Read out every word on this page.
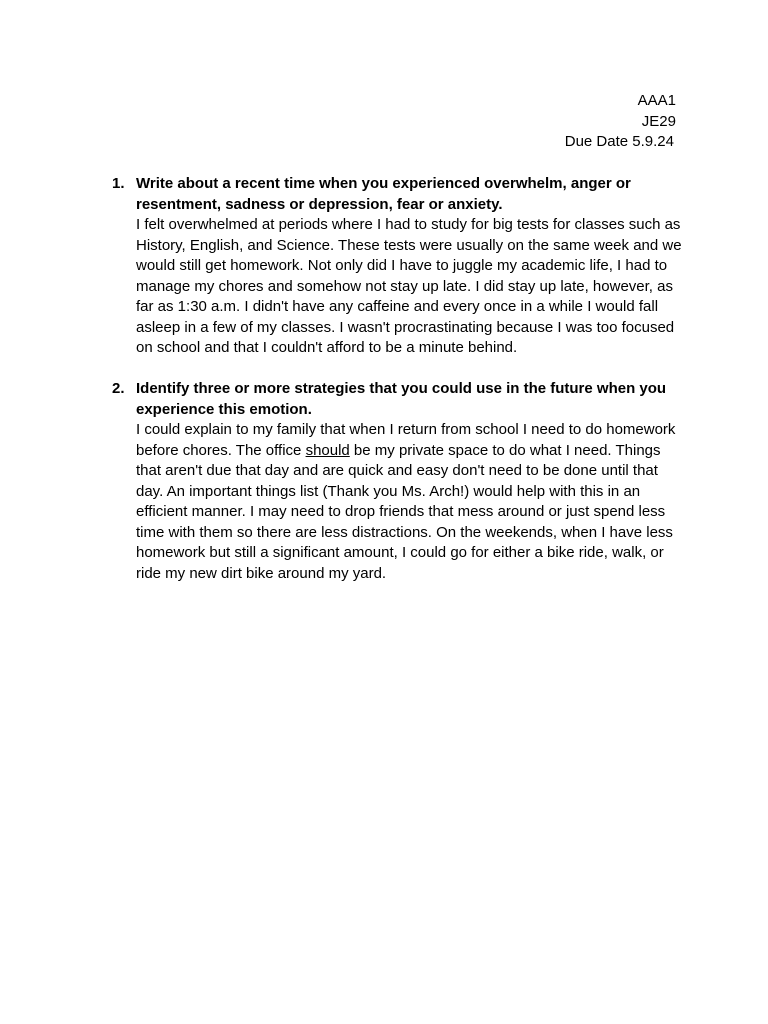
AAA1
JE29
Due Date 5.9.24
1. Write about a recent time when you experienced overwhelm, anger or resentment, sadness or depression, fear or anxiety.
I felt overwhelmed at periods where I had to study for big tests for classes such as History, English, and Science. These tests were usually on the same week and we would still get homework. Not only did I have to juggle my academic life, I had to manage my chores and somehow not stay up late. I did stay up late, however, as far as 1:30 a.m. I didn't have any caffeine and every once in a while I would fall asleep in a few of my classes. I wasn't procrastinating because I was too focused on school and that I couldn't afford to be a minute behind.
2. Identify three or more strategies that you could use in the future when you experience this emotion.
I could explain to my family that when I return from school I need to do homework before chores. The office should be my private space to do what I need. Things that aren't due that day and are quick and easy don't need to be done until that day. An important things list (Thank you Ms. Arch!) would help with this in an efficient manner. I may need to drop friends that mess around or just spend less time with them so there are less distractions. On the weekends, when I have less homework but still a significant amount, I could go for either a bike ride, walk, or ride my new dirt bike around my yard.
